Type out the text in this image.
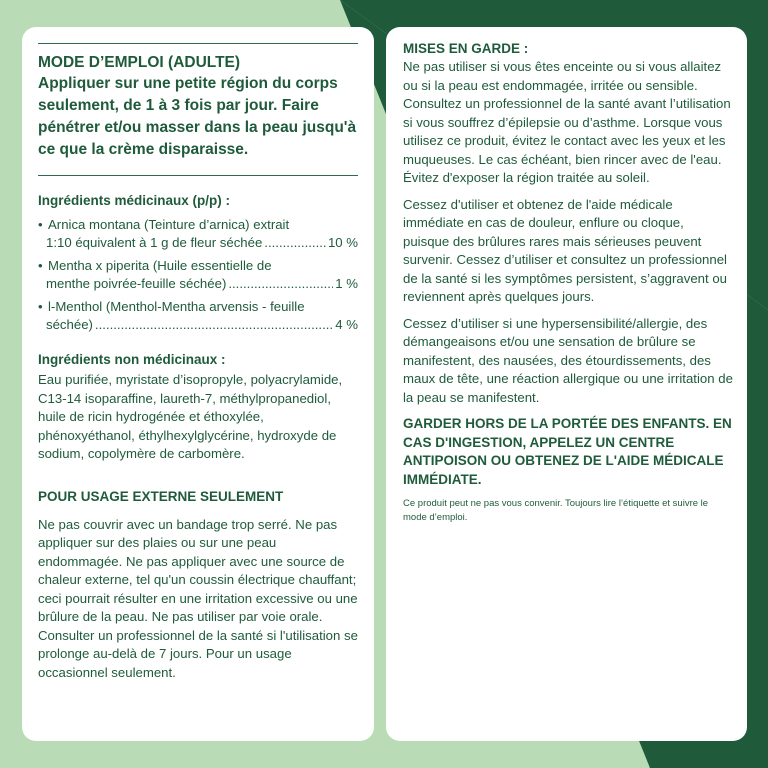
MODE D’EMPLOI (ADULTE)
Appliquer sur une petite région du corps seulement, de 1 à 3 fois par jour. Faire pénétrer et/ou masser dans la peau jusqu'à ce que la crème disparaisse.
Ingrédients médicinaux (p/p) :
• Arnica montana (Teinture d’arnica) extrait
1:10 équivalent à 1 g de fleur séchée .....	10 %
• Mentha x piperita (Huile essentielle de
menthe poivrée-feuille séchée) .....	1 %
• l-Menthol (Menthol-Mentha arvensis - feuille
séchée) .....	4 %
Ingrédients non médicinaux :
Eau purifiée, myristate d’isopropyle, polyacrylamide, C13-14 isoparaffine, laureth-7, méthylpropanediol, huile de ricin hydrogénée et éthoxylée, phénoxyéthanol, éthylhexylglycérine, hydroxyde de sodium, copolymère de carbomère.
POUR USAGE EXTERNE SEULEMENT
Ne pas couvrir avec un bandage trop serré. Ne pas appliquer sur des plaies ou sur une peau endommagée. Ne pas appliquer avec une source de chaleur externe, tel qu'un coussin électrique chauffant; ceci pourrait résulter en une irritation excessive ou une brûlure de la peau. Ne pas utiliser par voie orale. Consulter un professionnel de la santé si l'utilisation se prolonge au-delà de 7 jours. Pour un usage occasionnel seulement.
MISES EN GARDE :
Ne pas utiliser si vous êtes enceinte ou si vous allaitez ou si la peau est endommagée, irritée ou sensible. Consultez un professionnel de la santé avant l’utilisation si vous souffrez d’épilepsie ou d’asthme. Lorsque vous utilisez ce produit, évitez le contact avec les yeux et les muqueuses. Le cas échéant, bien rincer avec de l'eau. Évitez d'exposer la région traitée au soleil.
Cessez d'utiliser et obtenez de l'aide médicale immédiate en cas de douleur, enflure ou cloque, puisque des brûlures rares mais sérieuses peuvent survenir. Cessez d’utiliser et consultez un professionnel de la santé si les symptômes persistent, s’aggravent ou reviennent après quelques jours.
Cessez d’utiliser si une hypersensibilité/allergie, des démangeaisons et/ou une sensation de brûlure se manifestent, des nausées, des étourdissements, des maux de tête, une réaction allergique ou une irritation de la peau se manifestent.
GARDER HORS DE LA PORTÉE DES ENFANTS. EN CAS D'INGESTION, APPELEZ UN CENTRE ANTIPOISON OU OBTENEZ DE L'AIDE MÉDICALE IMMÉDIATE.
Ce produit peut ne pas vous convenir. Toujours lire l’étiquette et suivre le mode d’emploi.
